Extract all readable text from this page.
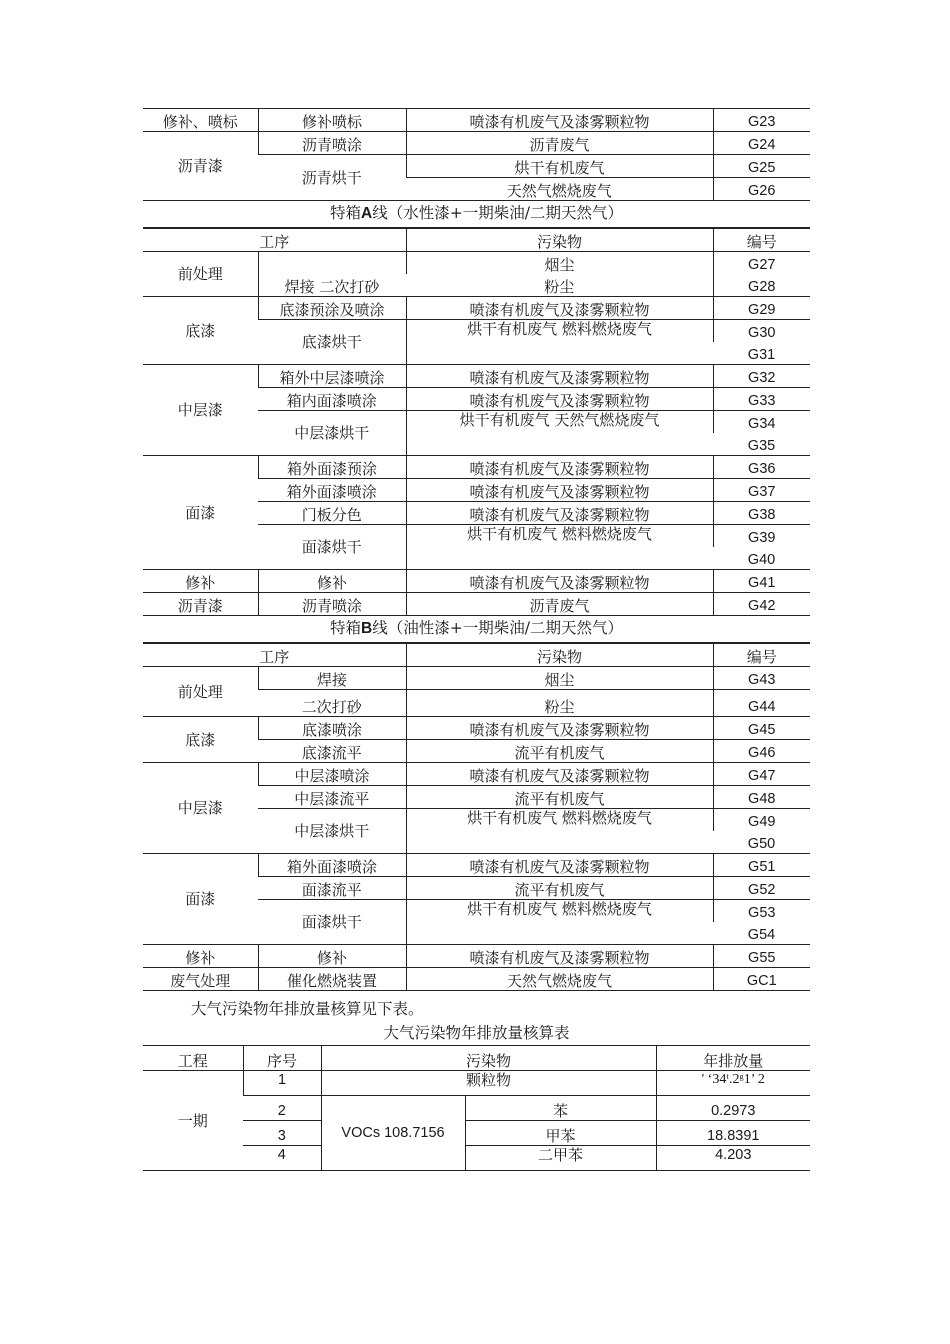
修补、喷标	修补喷标	喷漆有机废气及漆雾颗粒物	G23
沥青漆	沥青喷涂	沥青废气	G24
	沥青烘干	烘干有机废气	G25
		天然气燃烧废气	G26
特箱A线（水性漆+一期柴油/二期天然气）
工序		污染物	编号
前处理	焊接 二次打砂	烟尘	G27
		粉尘	G28
底漆	底漆预涂及喷涂	喷漆有机废气及漆雾颗粒物	G29
	底漆烘干	烘干有机废气 燃料燃烧废气	G30
			G31
中层漆	箱外中层漆喷涂	喷漆有机废气及漆雾颗粒物	G32
	箱内面漆喷涂	喷漆有机废气及漆雾颗粒物	G33
	中层漆烘干	烘干有机废气 天然气燃烧废气	G34
			G35
面漆	箱外面漆预涂	喷漆有机废气及漆雾颗粒物	G36
	箱外面漆喷涂	喷漆有机废气及漆雾颗粒物	G37
	门板分色	喷漆有机废气及漆雾颗粒物	G38
	面漆烘干	烘干有机废气 燃料燃烧废气	G39
			G40
修补	修补	喷漆有机废气及漆雾颗粒物	G41
沥青漆	沥青喷涂	沥青废气	G42
特箱B线（油性漆+一期柴油/二期天然气）
工序		污染物	编号
前处理	焊接	烟尘	G43
	二次打砂	粉尘	G44
底漆	底漆喷涂	喷漆有机废气及漆雾颗粒物	G45
	底漆流平	流平有机废气	G46
中层漆	中层漆喷涂	喷漆有机废气及漆雾颗粒物	G47
	中层漆流平	流平有机废气	G48
	中层漆烘干	烘干有机废气 燃料燃烧废气	G49
			G50
面漆	箱外面漆喷涂	喷漆有机废气及漆雾颗粒物	G51
	面漆流平	流平有机废气	G52
	面漆烘干	烘干有机废气 燃料燃烧废气	G53
			G54
修补	修补	喷漆有机废气及漆雾颗粒物	G55
废气处理	催化燃烧装置	天然气燃烧废气	GC1
大气污染物年排放量核算见下表。
大气污染物年排放量核算表
工程	序号	污染物		年排放量
一期	1	颗粒物		' ‘34ᵗ.2ᵍ1’ 2
	2	VOCs 108.7156	苯	0.2973
	3		甲苯	18.8391
	4		二甲苯	4.203
